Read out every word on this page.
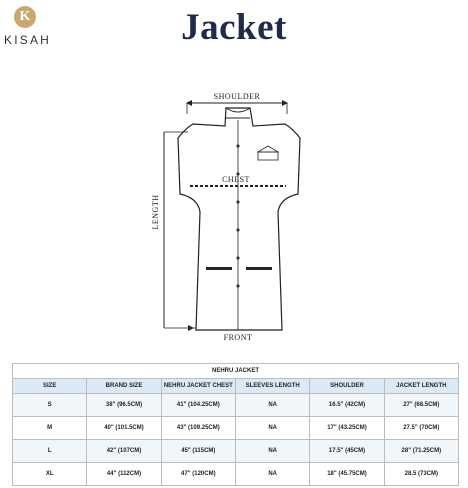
K
KISAH	Jacket
SHOULDER
LENGTH
CHEST
FRONT
NEHRU JACKET					
SIZE	BRAND SIZE	NEHRU JACKET CHEST	SLEEVES LENGTH	SHOULDER	JACKET LENGTH
S	38" (96.5CM)	41" (104.25CM)	NA	16.5" (42CM)	27" (68.5CM)
M	40" (101.5CM)	43" (109.25CM)	NA	17" (43.25CM)	27.5" (70CM)
L	42" (107CM)	45" (115CM)	NA	17.5" (45CM)	28" (71.25CM)
XL	44" (112CM)	47" (120CM)	NA	18" (45.75CM)	28.5 (73CM)
